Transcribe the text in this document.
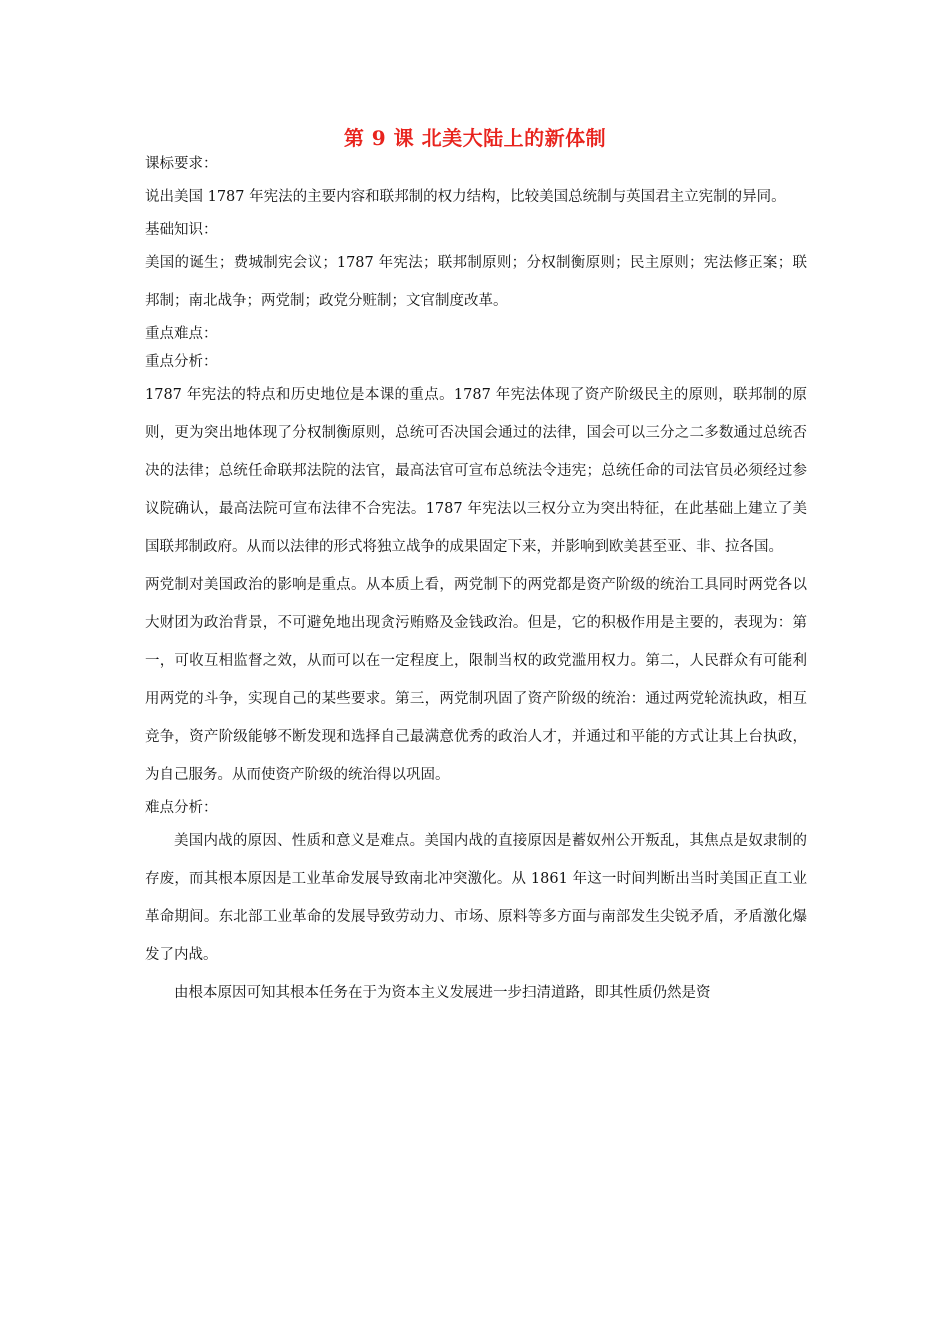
第 9 课 北美大陆上的新体制

课标要求：

说出美国 1787 年宪法的主要内容和联邦制的权力结构，比较美国总统制与英国君主立宪制的异同。

基础知识：

美国的诞生；费城制宪会议；1787 年宪法；联邦制原则；分权制衡原则；民主原则；宪法修正案；联邦制；南北战争；两党制；政党分赃制；文官制度改革。

重点难点：

重点分析：

1787 年宪法的特点和历史地位是本课的重点。1787 年宪法体现了资产阶级民主的原则，联邦制的原则，更为突出地体现了分权制衡原则，总统可否决国会通过的法律，国会可以三分之二多数通过总统否决的法律；总统任命联邦法院的法官，最高法官可宣布总统法令违宪；总统任命的司法官员必须经过参议院确认，最高法院可宣布法律不合宪法。1787 年宪法以三权分立为突出特征，在此基础上建立了美国联邦制政府。从而以法律的形式将独立战争的成果固定下来，并影响到欧美甚至亚、非、拉各国。

两党制对美国政治的影响是重点。从本质上看，两党制下的两党都是资产阶级的统治工具同时两党各以大财团为政治背景，不可避免地出现贪污贿赂及金钱政治。但是，它的积极作用是主要的，表现为：第一，可收互相监督之效，从而可以在一定程度上，限制当权的政党滥用权力。第二，人民群众有可能利用两党的斗争，实现自己的某些要求。第三，两党制巩固了资产阶级的统治：通过两党轮流执政，相互竞争，资产阶级能够不断发现和选择自己最满意优秀的政治人才，并通过和平能的方式让其上台执政，为自己服务。从而使资产阶级的统治得以巩固。

难点分析：

美国内战的原因、性质和意义是难点。美国内战的直接原因是蓄奴州公开叛乱，其焦点是奴隶制的存废，而其根本原因是工业革命发展导致南北冲突激化。从 1861 年这一时间判断出当时美国正直工业革命期间。东北部工业革命的发展导致劳动力、市场、原料等多方面与南部发生尖锐矛盾，矛盾激化爆发了内战。

由根本原因可知其根本任务在于为资本主义发展进一步扫清道路，即其性质仍然是资
